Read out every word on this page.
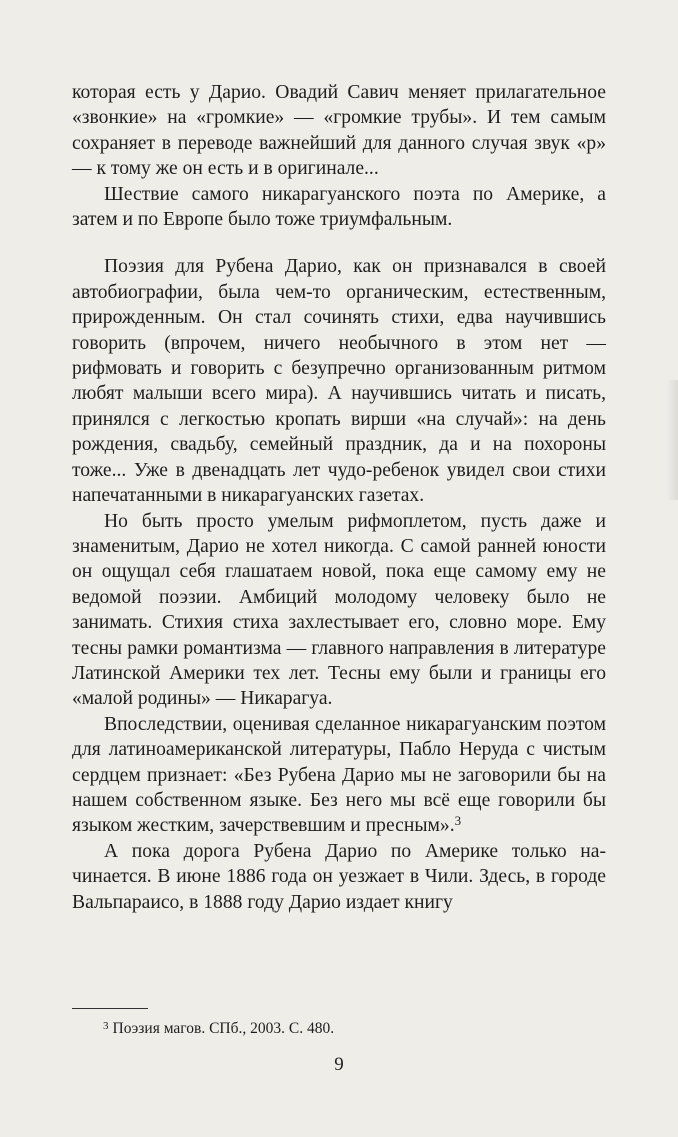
которая есть у Дарио. Овадий Савич меняет прилагательное «звонкие» на «громкие» — «громкие трубы». И тем самым сохраняет в переводе важнейший для данного случая звук «р» — к тому же он есть и в оригинале...

Шествие самого никарагуанского поэта по Америке, а затем и по Европе было тоже триумфальным.

Поэзия для Рубена Дарио, как он признавался в своей автобиографии, была чем-то органическим, естественным, прирожденным. Он стал сочинять стихи, едва научившись говорить (впрочем, ничего необычного в этом нет — рифмовать и говорить с безупречно организованным ритмом любят малыши всего мира). А научившись читать и писать, принялся с легкостью кропать вирши «на случай»: на день рождения, свадьбу, семейный праздник, да и на похороны тоже... Уже в двенадцать лет чудо-ребенок увидел свои стихи напечатанными в никарагуанских газетах.

Но быть просто умелым рифмоплетом, пусть даже и знаменитым, Дарио не хотел никогда. С самой ранней юности он ощущал себя глашатаем новой, пока еще самому ему не ведомой поэзии. Амбиций молодому человеку было не занимать. Стихия стиха захлестывает его, словно море. Ему тесны рамки романтизма — главного направления в литературе Латинской Америки тех лет. Тесны ему были и границы его «малой родины» — Никарагуа.

Впоследствии, оценивая сделанное никарагуанским поэтом для латиноамериканской литературы, Пабло Неруда с чистым сердцем признает: «Без Рубена Дарио мы не заговорили бы на нашем собственном языке. Без него мы всё еще говорили бы языком жестким, зачерствевшим и пресным».$^3$

А пока дорога Рубена Дарио по Америке только начинается. В июне 1886 года он уезжает в Чили. Здесь, в городе Вальпараисо, в 1888 году Дарио издает книгу

$^3$ Поэзия магов. СПб., 2003. С. 480.
9
